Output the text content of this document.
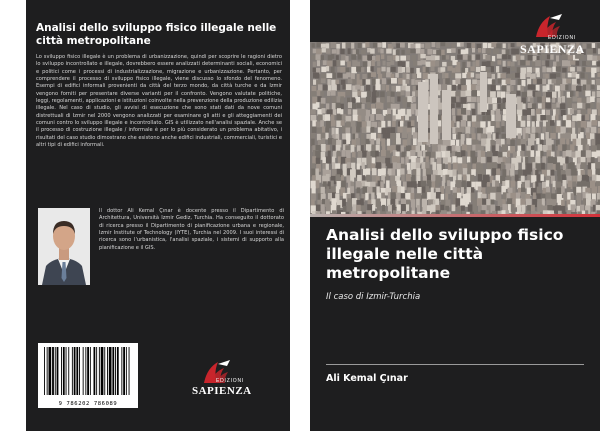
Analisi dello sviluppo fisico illegale nelle città metropolitane
Lo sviluppo fisico illegale è un problema di urbanizzazione, quindi per scoprire le ragioni dietro lo sviluppo incontrollato e illegale, dovrebbero essere analizzati determinanti sociali, economici e politici come i processi di industrializzazione, migrazione e urbanizzazione. Pertanto, per comprendere il processo di sviluppo fisico illegale, viene discusso lo sfondo del fenomeno. Esempi di edifici informali provenienti da città del terzo mondo, da città turche e da Izmir vengono forniti per presentare diverse varianti per il confronto. Vengono valutate politiche, leggi, regolamenti, applicazioni e istituzioni coinvolte nella prevenzione della produzione edilizia illegale. Nel caso di studio, gli avvisi di esecuzione che sono stati dati da nove comuni distrettuali di Izmir nel 2000 vengono analizzati per esaminare gli atti e gli atteggiamenti dei comuni contro lo sviluppo illegale e incontrollato. GIS è utilizzato nell'analisi spaziale. Anche se il processo di costruzione illegale / informale è per lo più considerato un problema abitativo, i risultati del caso studio dimostrano che esistono anche edifici industriali, commerciali, turistici e altri tipi di edifici informali.
Il dottor Ali Kemal Çınar è docente presso il Dipartimento di Architettura, Università Izmir Gediz, Turchia. Ha conseguito il dottorato di ricerca presso il Dipartimento di pianificazione urbana e regionale, Izmir Institute of Technology (IYTE), Turchia nel 2009. I suoi interessi di ricerca sono l'urbanistica, l'analisi spaziale, i sistemi di supporto alla pianificazione e il GIS.
9 786202 786089
EDIZIONI
SAPIENZA
EDIZIONI
SAPIENZA
Analisi dello sviluppo fisico illegale nelle città metropolitane
Il caso di Izmir-Turchia
Ali Kemal Çınar
